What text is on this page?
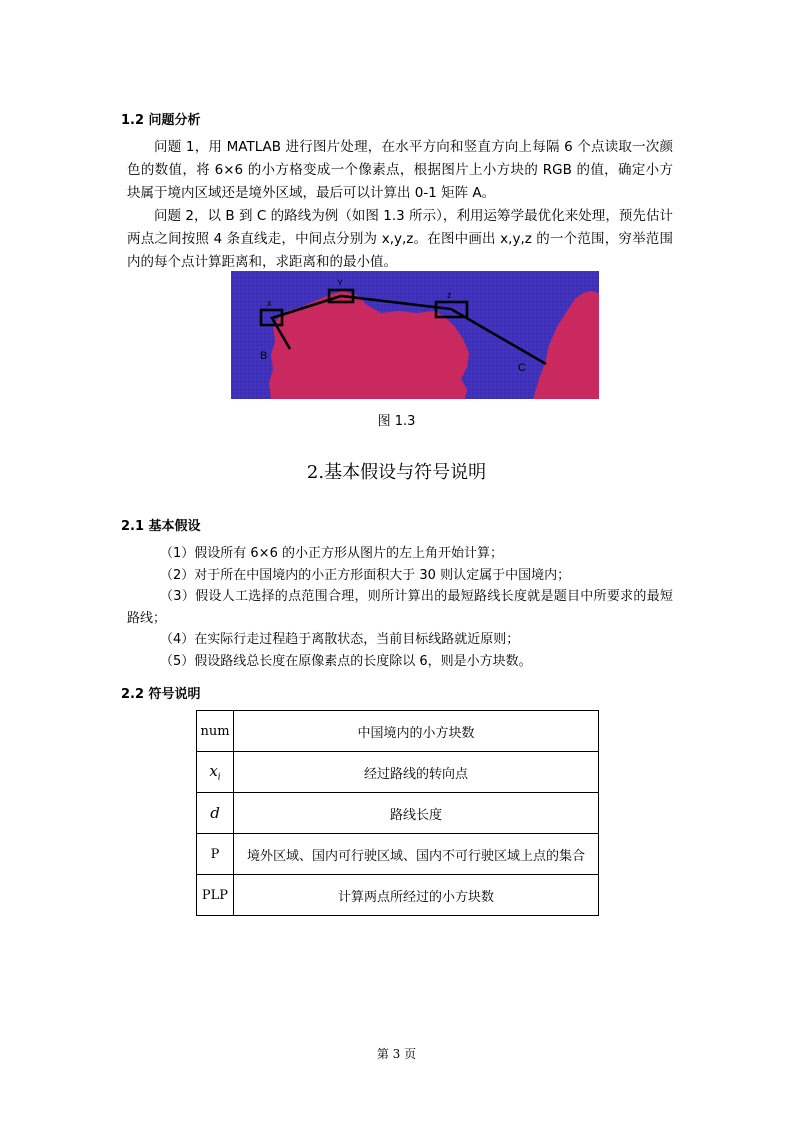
1.2 问题分析

问题 1，用 MATLAB 进行图片处理，在水平方向和竖直方向上每隔 6 个点读取一次颜色的数值，将 6×6 的小方格变成一个像素点，根据图片上小方块的 RGB 的值，确定小方块属于境内区域还是境外区域，最后可以计算出 0-1 矩阵 A。

问题 2，以 B 到 C 的路线为例（如图 1.3 所示），利用运筹学最优化来处理，预先估计两点之间按照 4 条直线走，中间点分别为 x,y,z。在图中画出 x,y,z 的一个范围，穷举范围内的每个点计算距离和，求距离和的最小值。

x
Y
z
B
C
图 1.3
2.基本假设与符号说明
2.1 基本假设

（1）假设所有 6×6 的小正方形从图片的左上角开始计算；

（2）对于所在中国境内的小正方形面积大于 30 则认定属于中国境内；

（3）假设人工选择的点范围合理，则所计算出的最短路线长度就是题目中所要求的最短路线；

（4）在实际行走过程趋于离散状态，当前目标线路就近原则；

（5）假设路线总长度在原像素点的长度除以 6，则是小方块数。

2.2 符号说明
num	中国境内的小方块数
$x_i$	经过路线的转向点
d	路线长度
P	境外区域、国内可行驶区域、国内不可行驶区域上点的集合
PLP	计算两点所经过的小方块数
第 3 页
